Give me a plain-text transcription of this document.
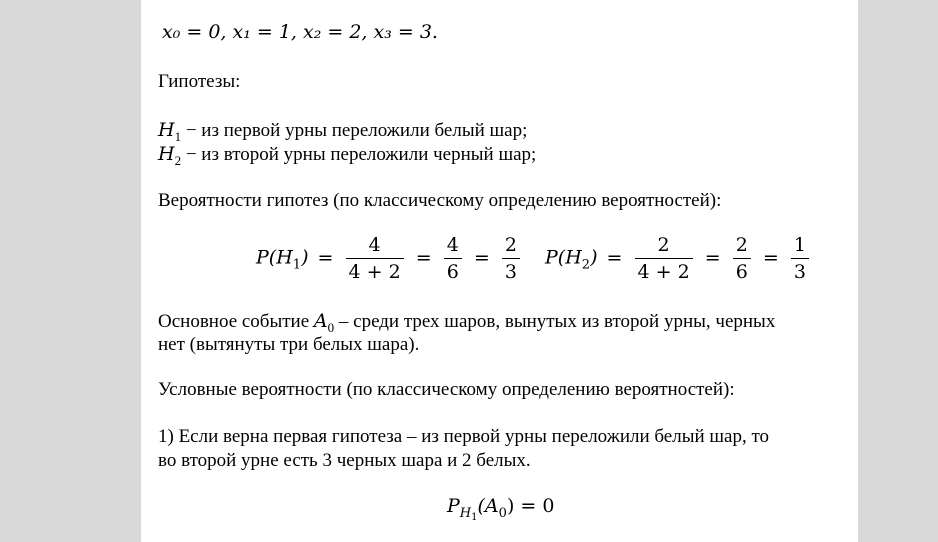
x₀ = 0, x₁ = 1, x₂ = 2, x₃ = 3.
Гипотезы:
$H_1$ − из первой урны переложили белый шар;
$H_2$ − из второй урны переложили черный шар;
Вероятности гипотез (по классическому определению вероятностей):
$P(H_1) = \frac{4}{4 + 2} = \frac{4}{6} = \frac{2}{3} P(H_2) = \frac{2}{4 + 2} = \frac{2}{6} = \frac{1}{3}$
Основное событие $A_0$ – среди трех шаров, вынутых из второй урны, черных
нет (вытянуты три белых шара).
Условные вероятности (по классическому определению вероятностей):
1) Если верна первая гипотеза – из первой урны переложили белый шар, то
во второй урне есть 3 черных шара и 2 белых.
$P_{H_1}(A_0) = 0$
